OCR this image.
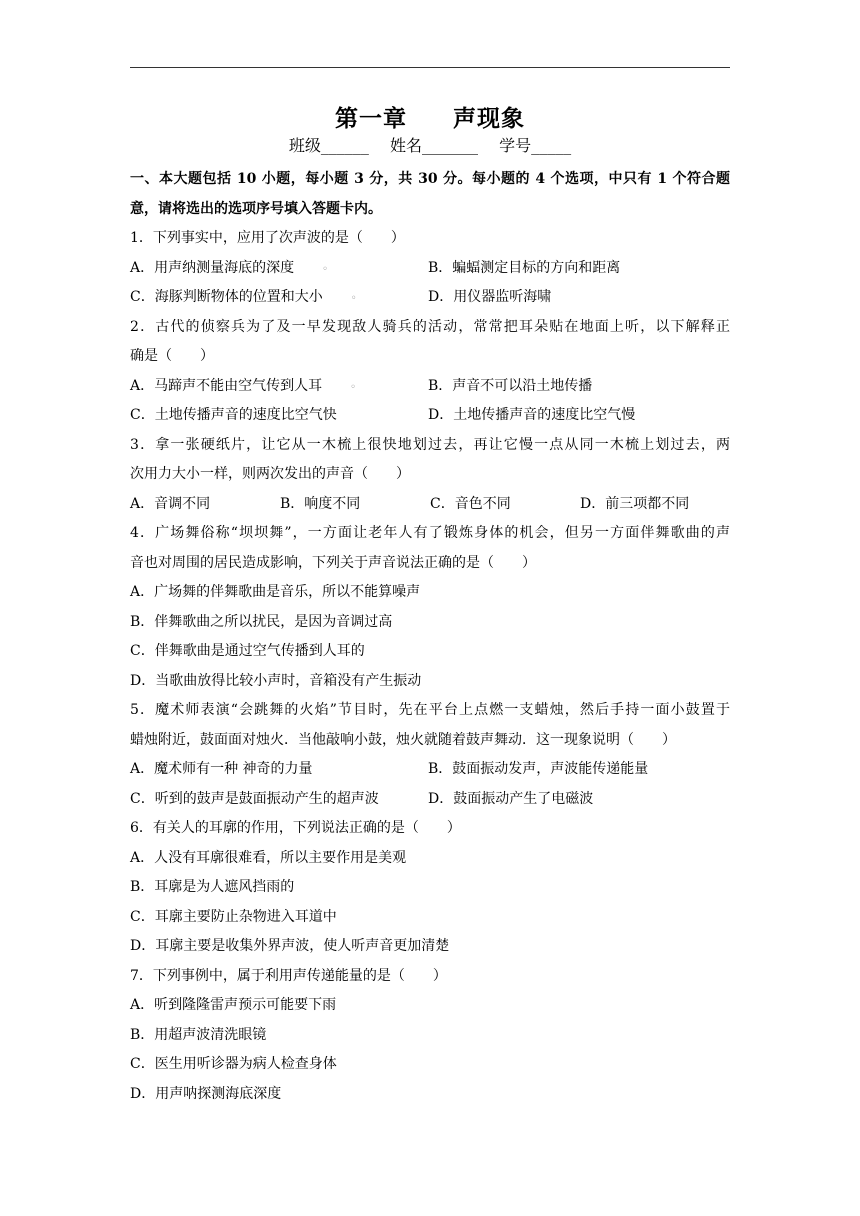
第一章 声现象
班级______ 姓名_______ 学号_____
一、本大题包括 10 小题，每小题 3 分，共 30 分。每小题的 4 个选项，中只有 1 个符合题
意，请将选出的选项序号填入答题卡内。
1．下列事实中，应用了次声波的是（　　）
A．用声纳测量海底的深度	◦	B．蝙蝠测定目标的方向和距离
C．海豚判断物体的位置和大小	◦	D．用仪器监听海啸
2．古代的侦察兵为了及一早发现敌人骑兵的活动，常常把耳朵贴在地面上听，以下解释正
确是（　　）
A．马蹄声不能由空气传到人耳	◦	B．声音不可以沿土地传播
C．土地传播声音的速度比空气快	D．土地传播声音的速度比空气慢
3．拿一张硬纸片，让它从一木梳上很快地划过去，再让它慢一点从同一木梳上划过去，两
次用力大小一样，则两次发出的声音（　　）
A．音调不同	B．响度不同	C．音色不同	D．前三项都不同
4．广场舞俗称“坝坝舞”，一方面让老年人有了锻炼身体的机会，但另一方面伴舞歌曲的声
音也对周围的居民造成影响，下列关于声音说法正确的是（　　）
A．广场舞的伴舞歌曲是音乐，所以不能算噪声
B．伴舞歌曲之所以扰民，是因为音调过高
C．伴舞歌曲是通过空气传播到人耳的
D．当歌曲放得比较小声时，音箱没有产生振动
5．魔术师表演“会跳舞的火焰”节目时，先在平台上点燃一支蜡烛，然后手持一面小鼓置于
蜡烛附近，鼓面面对烛火．当他敲响小鼓，烛火就随着鼓声舞动．这一现象说明（　　）
A．魔术师有一种 神奇的力量	B．鼓面振动发声，声波能传递能量
C．听到的鼓声是鼓面振动产生的超声波	D．鼓面振动产生了电磁波
6．有关人的耳廓的作用，下列说法正确的是（　　）
A．人没有耳廓很难看，所以主要作用是美观
B．耳廓是为人遮风挡雨的
C．耳廓主要防止杂物进入耳道中
D．耳廓主要是收集外界声波，使人听声音更加清楚
7．下列事例中，属于利用声传递能量的是（　　）
A．听到隆隆雷声预示可能要下雨
B．用超声波清洗眼镜
C．医生用听诊器为病人检查身体
D．用声呐探测海底深度
